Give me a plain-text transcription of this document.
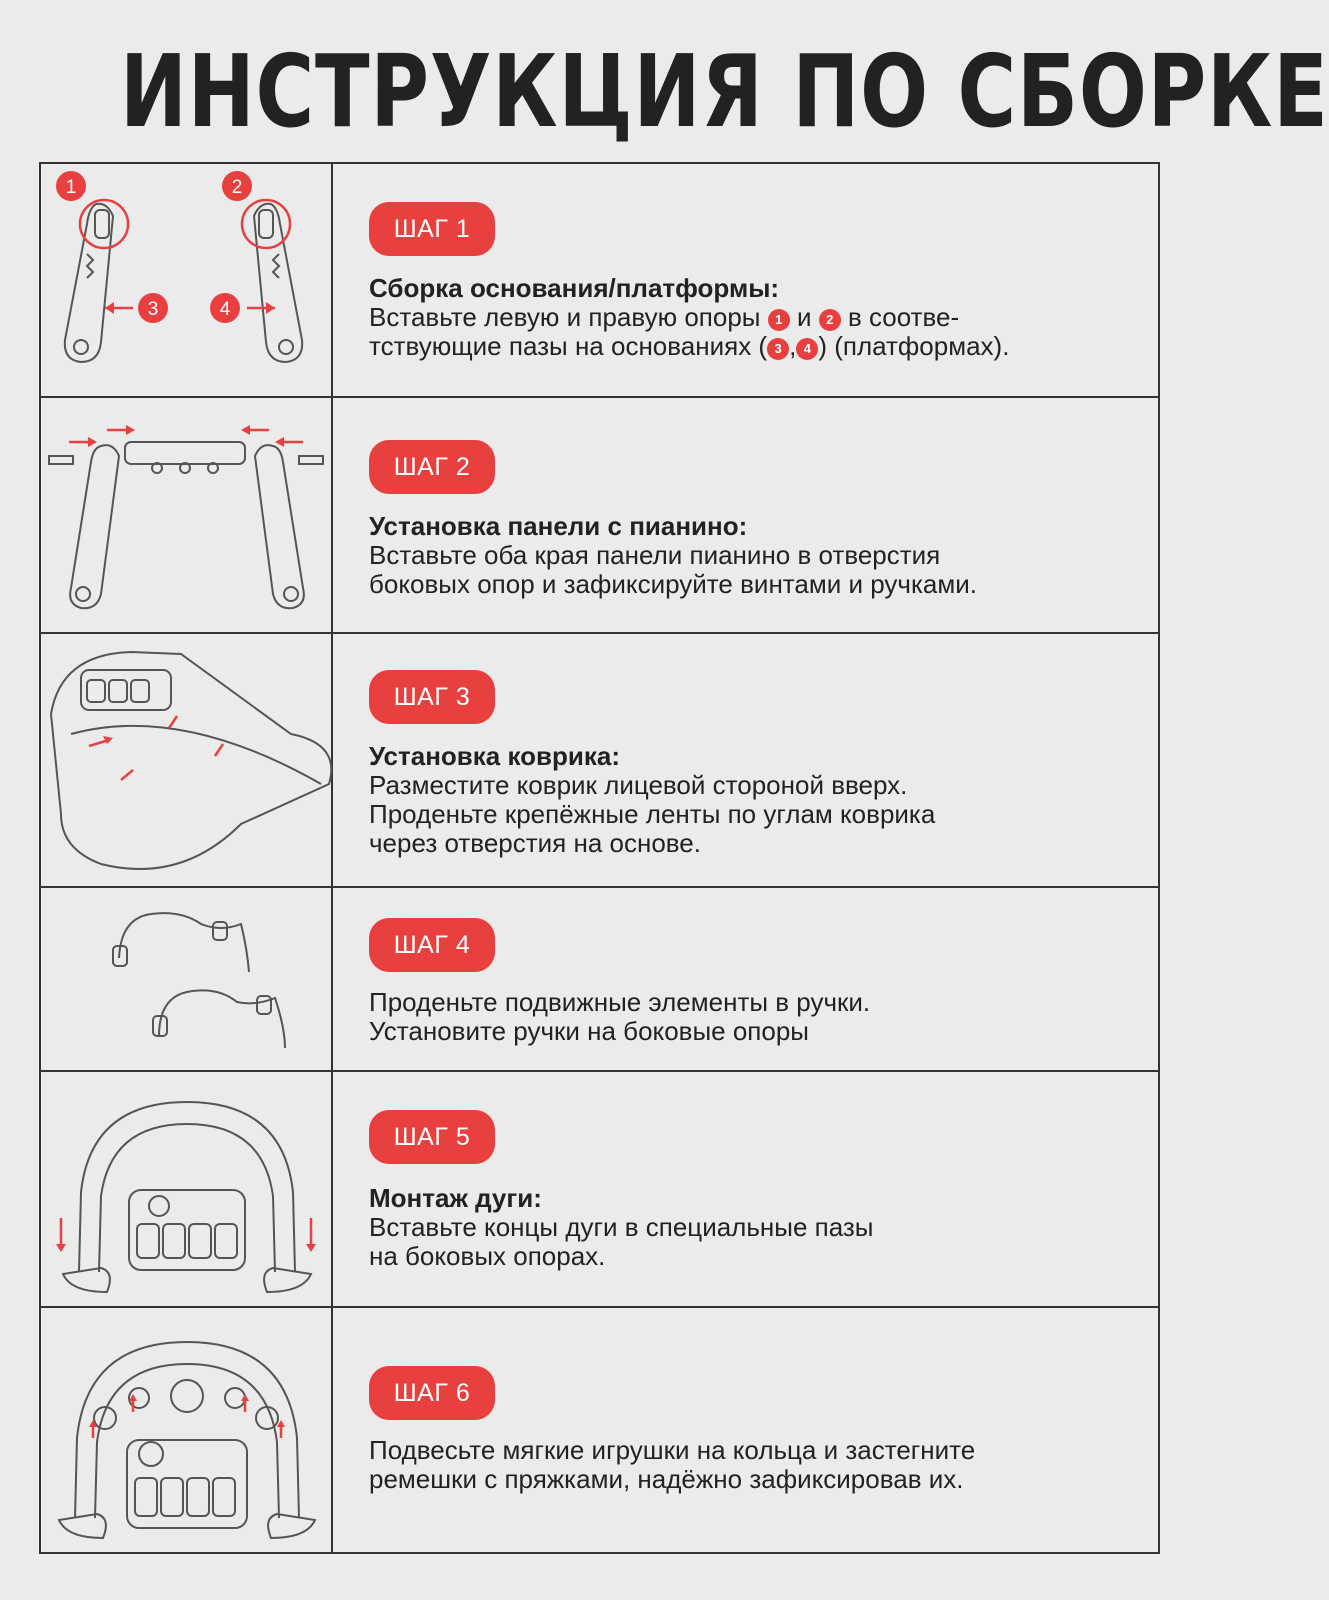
ИНСТРУКЦИЯ ПО СБОРКЕ
1	2
3	4
ШАГ 1
Сборка основания/платформы:
Вставьте левую и правую опоры 1 и 2 в соотве-
тствующие пазы на основаниях ( 3 , 4 ) (платформах).
ШАГ 2
Установка панели с пианино:
Вставьте оба края панели пианино в отверстия
боковых опор и зафиксируйте винтами и ручками.
ШАГ 3
Установка коврика:
Разместите коврик лицевой стороной вверх.
Проденьте крепёжные ленты по углам коврика
через отверстия на основе.
ШАГ 4
Проденьте подвижные элементы в ручки.
Установите ручки на боковые опоры
ШАГ 5
Монтаж дуги:
Вставьте концы дуги в специальные пазы
на боковых опорах.
ШАГ 6
Подвесьте мягкие игрушки на кольца и застегните
ремешки с пряжками, надёжно зафиксировав их.
